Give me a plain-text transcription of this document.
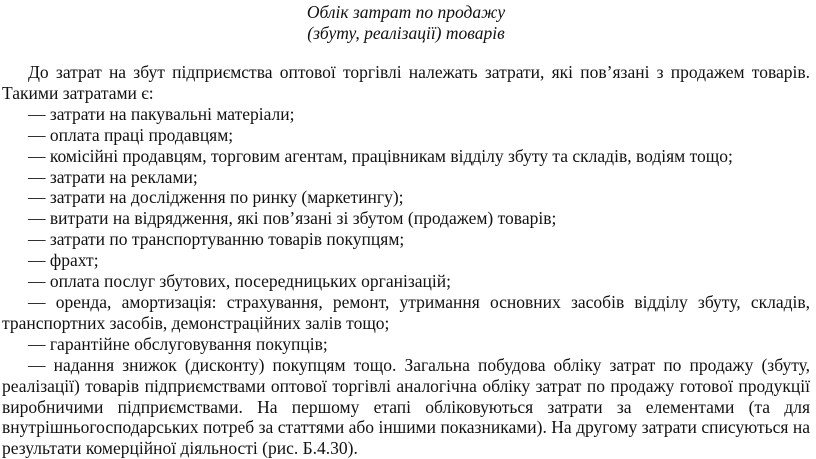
Облік затрат по продажу

(збуту, реалізації) товарів

До затрат на збут підприємства оптової торгівлі належать затрати, які пов’язані з продажем товарів. Такими затратами є:

— затрати на пакувальні матеріали;

— оплата праці продавцям;

— комісійні продавцям, торговим агентам, працівникам відділу збуту та складів, водіям тощо;

— затрати на реклами;

— затрати на дослідження по ринку (маркетингу);

— витрати на відрядження, які пов’язані зі збутом (продажем) товарів;

— затрати по транспортуванню товарів покупцям;

— фрахт;

— оплата послуг збутових, посередницьких організацій;

— оренда, амортизація: страхування, ремонт, утримання основних засобів відділу збуту, складів, транспортних засобів, демонстраційних залів тощо;

— гарантійне обслуговування покупців;

— надання знижок (дисконту) покупцям тощо. Загальна побудова обліку затрат по продажу (збуту, реалізації) товарів підприємствами оптової торгівлі аналогічна обліку затрат по продажу готової продукції виробничими підприємствами. На першому етапі обліковуються затрати за елементами (та для внутрішньогосподарських потреб за статтями або іншими показниками). На другому затрати списуються на результати комерційної діяльності (рис. Б.4.30).
